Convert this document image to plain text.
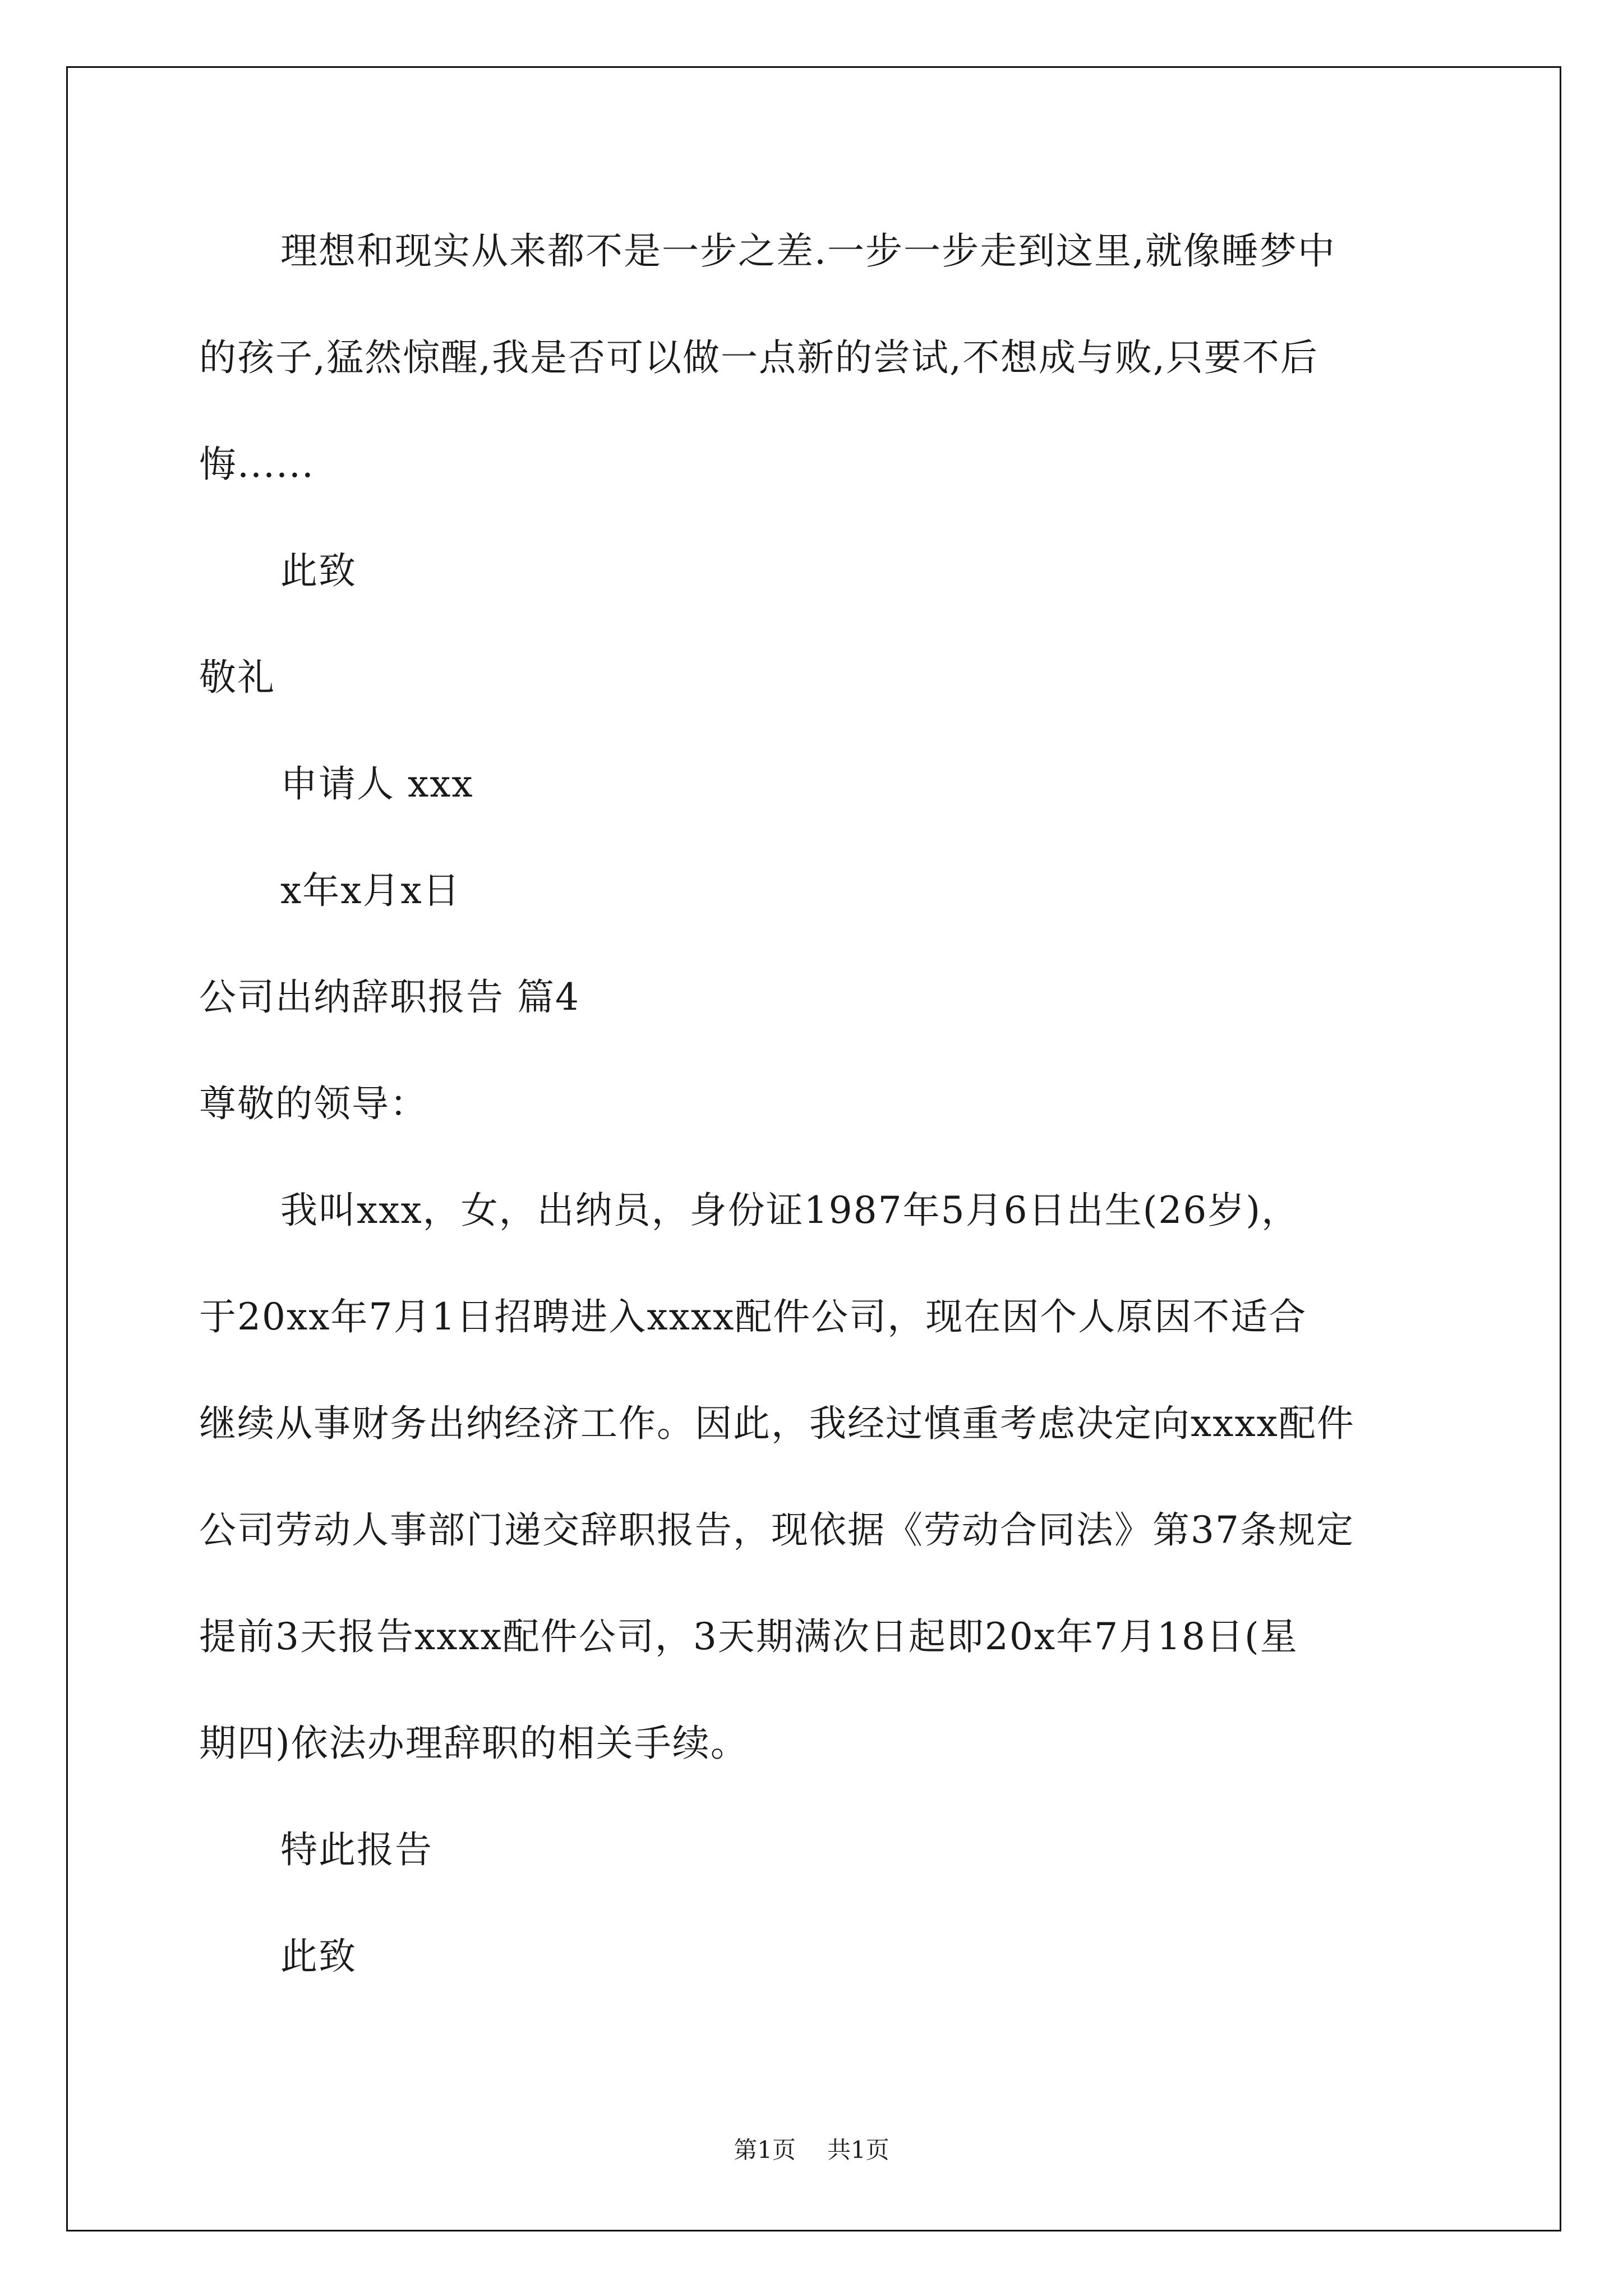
理想和现实从来都不是一步之差.一步一步走到这里,就像睡梦中
的孩子,猛然惊醒,我是否可以做一点新的尝试,不想成与败,只要不后
悔......
此致
敬礼
申请人 xxx
x年x月x日
公司出纳辞职报告 篇4
尊敬的领导：
我叫xxx，女，出纳员，身份证1987年5月6日出生(26岁)，
于20xx年7月1日招聘进入xxxx配件公司，现在因个人原因不适合
继续从事财务出纳经济工作。因此，我经过慎重考虑决定向xxxx配件
公司劳动人事部门递交辞职报告，现依据《劳动合同法》第37条规定
提前3天报告xxxx配件公司，3天期满次日起即20x年7月18日(星
期四)依法办理辞职的相关手续。
特此报告
此致
第1页 共1页
